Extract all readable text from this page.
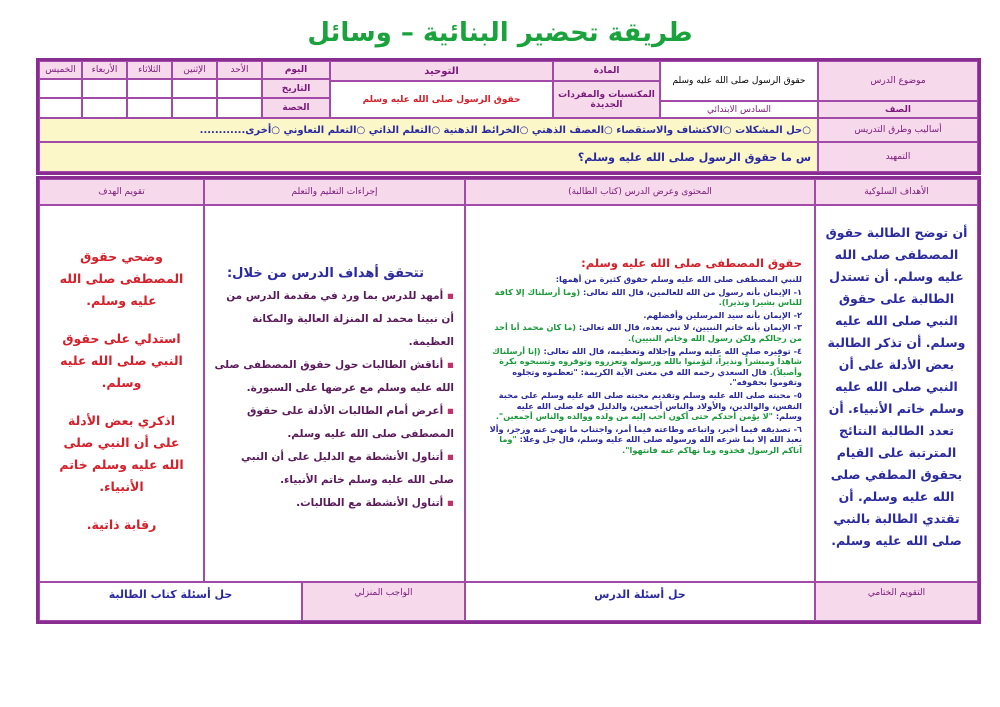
طريقة تحضير البنائية – وسائل
موضوع الدرس
حقوق الرسول صلى الله عليه وسلم
المادة
المكتسبات والمفردات الجديدة
التوحيد
حقوق الرسول صلى الله عليه وسلم
اليوم
التاريخ
الحصة
الأحد
الإثنين
الثلاثاء
الأربعاء
الخميس
الصف
السادس الابتدائي
أساليب وطرق التدريس
○حل المشكلات ○الاكتشاف والاستقصاء ○العصف الذهني ○الخرائط الذهنية ○التعلم الذاتي ○التعلم التعاوني ○أخرى............
التمهيد
س ما حقوق الرسول صلى الله عليه وسلم؟
الأهداف السلوكية
المحتوى وعرض الدرس (كتاب الطالبة)
إجراءات التعليم والتعلم
تقويم الهدف
أن توضح الطالبة حقوق المصطفى صلى الله عليه وسلم. أن تستدل الطالبة على حقوق النبي صلى الله عليه وسلم. أن تذكر الطالبة بعض الأدلة على أن النبي صلى الله عليه وسلم خاتم الأنبياء. أن تعدد الطالبة النتائج المترتبة على القيام بحقوق المطفي صلى الله عليه وسلم. أن تقتدي الطالبة بالنبي صلى الله عليه وسلم.

حقوق المصطفى صلى الله عليه وسلم:

للنبي المصطفى صلى الله عليه وسلم حقوق كثيرة من أهمها:

١- الإيمان بأنه رسول من الله للعالمين، قال الله تعالى: (وما أرسلناك إلا كافة للناس بشيرا ونذيرا).

٢- الإيمان بأنه سيد المرسلين وأفضلهم.

٣- الإيمان بأنه خاتم النبيين، لا نبي بعده، قال الله تعالى: (ما كان محمد أبا أحد من رجالكم ولكن رسول الله وخاتم النبيين).

٤- توقيره صلى الله عليه وسلم وإجلاله وتعظيمه، قال الله تعالى: (إنا أرسلناك شاهداً ومبشراً ونذيراً، لتؤمنوا بالله ورسوله وتعزروه وتوقروه وتسبحوه بكرة وأصيلاً). قال السعدي رحمه الله في معنى الآية الكريمة: "تعظموه وتجلوه وتقوموا بحقوقه".

٥- محبته صلى الله عليه وسلم وتقديم محبته صلى الله عليه وسلم على محبة النفس، والوالدين، والأولاد والناس أجمعين، والدليل قوله صلى الله عليه وسلم: "لا يؤمن أحدكم حتى أكون أحب إليه من ولده ووالده والناس أجمعين".

٦- تصديقه فيما أخبر، واتباعه وطاعته فيما أمر، واجتناب ما نهى عنه وزجر، وألا نعبد الله إلا بما شرعه الله ورسوله صلى الله عليه وسلم، قال جل وعلا: "وما آتاكم الرسول فخذوه وما نهاكم عنه فانتهوا".

تتحقق أهداف الدرس من خلال:

▪ أمهد للدرس بما ورد في مقدمة الدرس من أن نبينا محمد له المنزلة العالية والمكانة العظيمة.
▪ أناقش الطالبات حول حقوق المصطفى صلى الله عليه وسلم مع عرضها على السبورة.
▪ أعرض أمام الطالبات الأدلة على حقوق المصطفى صلى الله عليه وسلم.
▪ أتناول الأنشطة مع الدليل على أن النبي صلى الله عليه وسلم خاتم الأنبياء.
▪ أتناول الأنشطة مع الطالبات.

وضحي حقوق المصطفى صلى الله عليه وسلم.

استدلي على حقوق النبي صلى الله عليه وسلم.

اذكري بعض الأدلة على أن النبي صلى الله عليه وسلم خاتم الأنبياء.

رقابة ذاتية.

التقويم الختامي
حل أسئلة الدرس
الواجب المنزلي
حل أسئلة كتاب الطالبة
